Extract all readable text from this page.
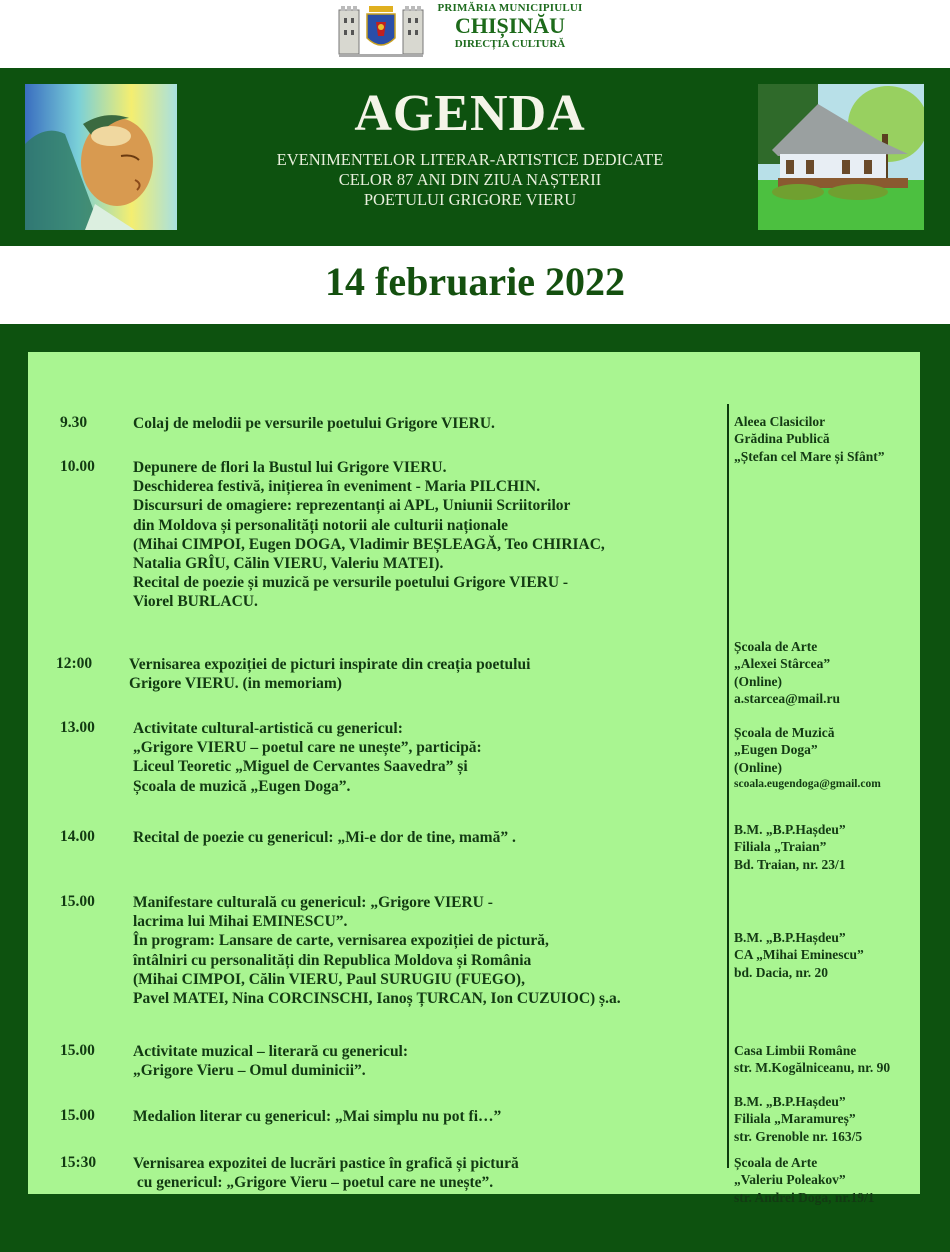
PRIMĂRIA MUNICIPIULUI
CHIȘINĂU
DIRECȚIA CULTURĂ
AGENDA
EVENIMENTELOR LITERAR-ARTISTICE DEDICATE
CELOR 87 ANI DIN ZIUA NAȘTERII
POETULUI GRIGORE VIERU
14 februarie 2022
9.30	Colaj de melodii pe versurile poetului Grigore VIERU.
10.00 Depunere de flori la Bustul lui Grigore VIERU.
Deschiderea festivă, inițierea în eveniment - Maria PILCHIN.
Discursuri de omagiere: reprezentanți ai APL, Uniunii Scriitorilor
din Moldova și personalități notorii ale culturii naționale
(Mihai CIMPOI, Eugen DOGA, Vladimir BEȘLEAGĂ, Teo CHIRIAC,
Natalia GRÎU, Călin VIERU, Valeriu MATEI).
Recital de poezie și muzică pe versurile poetului Grigore VIERU -
Viorel BURLACU.
12:00 Vernisarea expoziției de picturi inspirate din creația poetului
Grigore VIERU. (in memoriam)
13.00 Activitate cultural-artistică cu genericul:
„Grigore VIERU – poetul care ne unește”, participă:
Liceul Teoretic „Miguel de Cervantes Saavedra” și
Școala de muzică „Eugen Doga”.
14.00 Recital de poezie cu genericul: „Mi-e dor de tine, mamă” .
15.00 Manifestare culturală cu genericul: „Grigore VIERU -
lacrima lui Mihai EMINESCU”.
În program: Lansare de carte, vernisarea expoziției de pictură,
întâlniri cu personalități din Republica Moldova și România
(Mihai CIMPOI, Călin VIERU, Paul SURUGIU (FUEGO),
Pavel MATEI, Nina CORCINSCHI, Ianoș ȚURCAN, Ion CUZUIOC) ș.a.
15.00 Activitate muzical – literară cu genericul:
„Grigore Vieru – Omul duminicii”.
15.00 Medalion literar cu genericul: „Mai simplu nu pot fi…”
15:30 Vernisarea expozitei de lucrări pastice în grafică și pictură
cu genericul: „Grigore Vieru – poetul care ne unește”.
Aleea Clasicilor
Grădina Publică
„Ștefan cel Mare și Sfânt”
Școala de Arte
„Alexei Stârcea”
(Online)
a.starcea@mail.ru
Școala de Muzică
„Eugen Doga”
(Online)
scoala.eugendoga@gmail.com
B.M. „B.P.Hașdeu”
Filiala „Traian”
Bd. Traian, nr. 23/1
B.M. „B.P.Hașdeu”
CA „Mihai Eminescu”
bd. Dacia, nr. 20
Casa Limbii Române
str. M.Kogălniceanu, nr. 90
B.M. „B.P.Hașdeu”
Filiala „Maramureș”
str. Grenoble nr. 163/5
Școala de Arte
„Valeriu Poleakov”
str. Andrei Doga, nr.19/1
